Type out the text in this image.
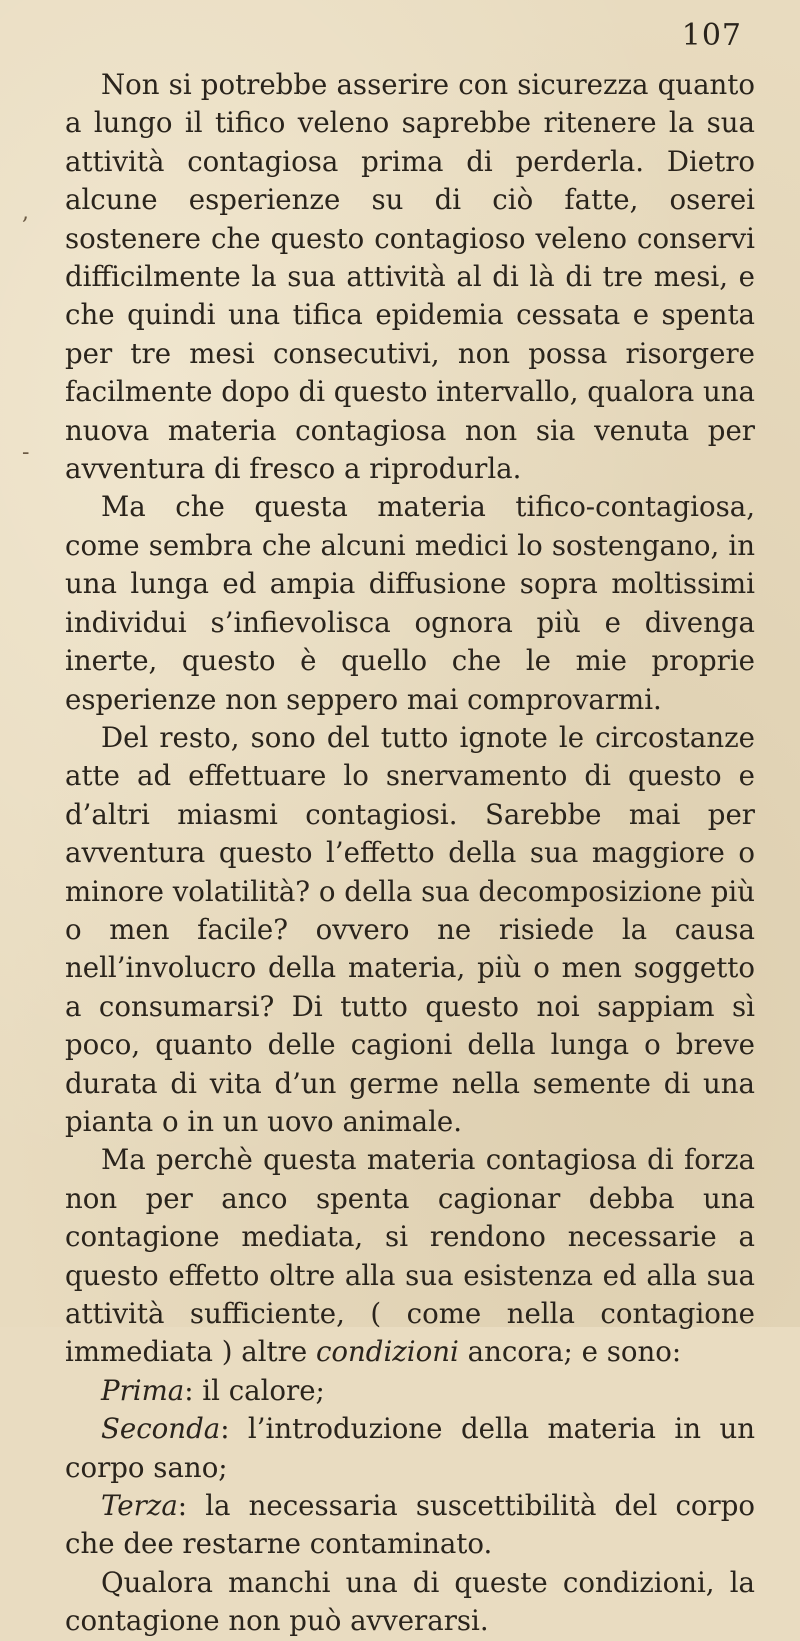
107

Non si potrebbe asserire con sicurezza quanto a lungo il tifico veleno saprebbe ritenere la sua attività contagiosa prima di perderla. Dietro alcune esperienze su di ciò fatte, oserei sostenere che questo contagioso veleno conservi difficilmente la sua attività al di là di tre mesi, e che quindi una tifica epidemia cessata e spenta per tre mesi consecutivi, non possa risorgere facilmente dopo di questo intervallo, qualora una nuova materia contagiosa non sia venuta per avventura di fresco a riprodurla.

Ma che questa materia tifico-contagiosa, come sembra che alcuni medici lo sostengano, in una lunga ed ampia diffusione sopra moltissimi individui s’infievolisca ognora più e divenga inerte, questo è quello che le mie proprie esperienze non seppero mai comprovarmi.

Del resto, sono del tutto ignote le circostanze atte ad effettuare lo snervamento di questo e d’altri miasmi contagiosi. Sarebbe mai per avventura questo l’effetto della sua maggiore o minore volatilità? o della sua decomposizione più o men facile? ovvero ne risiede la causa nell’involucro della materia, più o men soggetto a consumarsi? Di tutto questo noi sappiam sì poco, quanto delle cagioni della lunga o breve durata di vita d’un germe nella semente di una pianta o in un uovo animale.

Ma perchè questa materia contagiosa di forza non per anco spenta cagionar debba una contagione mediata, si rendono necessarie a questo effetto oltre alla sua esistenza ed alla sua attività sufficiente, ( come nella contagione immediata ) altre condizioni ancora; e sono:

Prima: il calore;

Seconda: l’introduzione della materia in un corpo sano;

Terza: la necessaria suscettibilità del corpo che dee restarne contaminato.

Qualora manchi una di queste condizioni, la contagione non può avverarsi.

,
-
